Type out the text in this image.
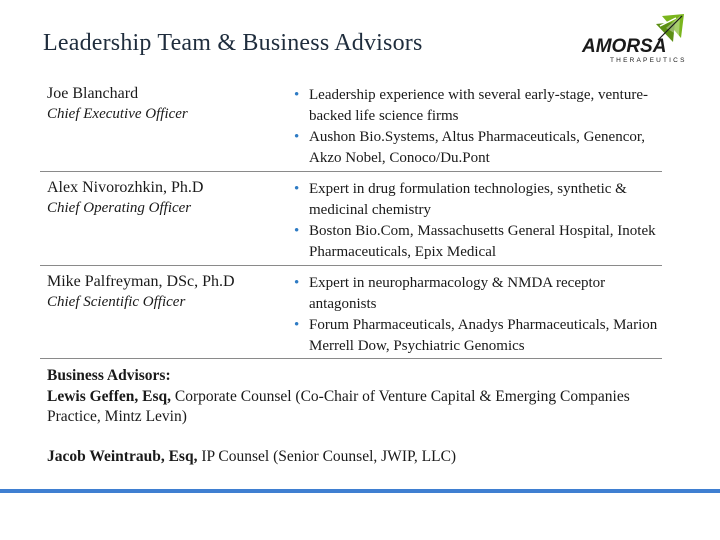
Leadership Team & Business Advisors	AMORSA
THERAPEUTICS
Joe Blanchard
Chief Executive Officer
• Leadership experience with several early-stage, venture-backed life science firms
• Aushon Bio.Systems, Altus Pharmaceuticals, Genencor, Akzo Nobel, Conoco/Du.Pont
Alex Nivorozhkin, Ph.D
Chief Operating Officer
• Expert in drug formulation technologies, synthetic & medicinal chemistry
• Boston Bio.Com, Massachusetts General Hospital, Inotek Pharmaceuticals, Epix Medical
Mike Palfreyman, DSc, Ph.D
Chief Scientific Officer
• Expert in neuropharmacology & NMDA receptor antagonists
• Forum Pharmaceuticals, Anadys Pharmaceuticals, Marion Merrell Dow, Psychiatric Genomics
Business Advisors:
Lewis Geffen, Esq, Corporate Counsel (Co-Chair of Venture Capital & Emerging Companies Practice, Mintz Levin)
Jacob Weintraub, Esq, IP Counsel (Senior Counsel, JWIP, LLC)
